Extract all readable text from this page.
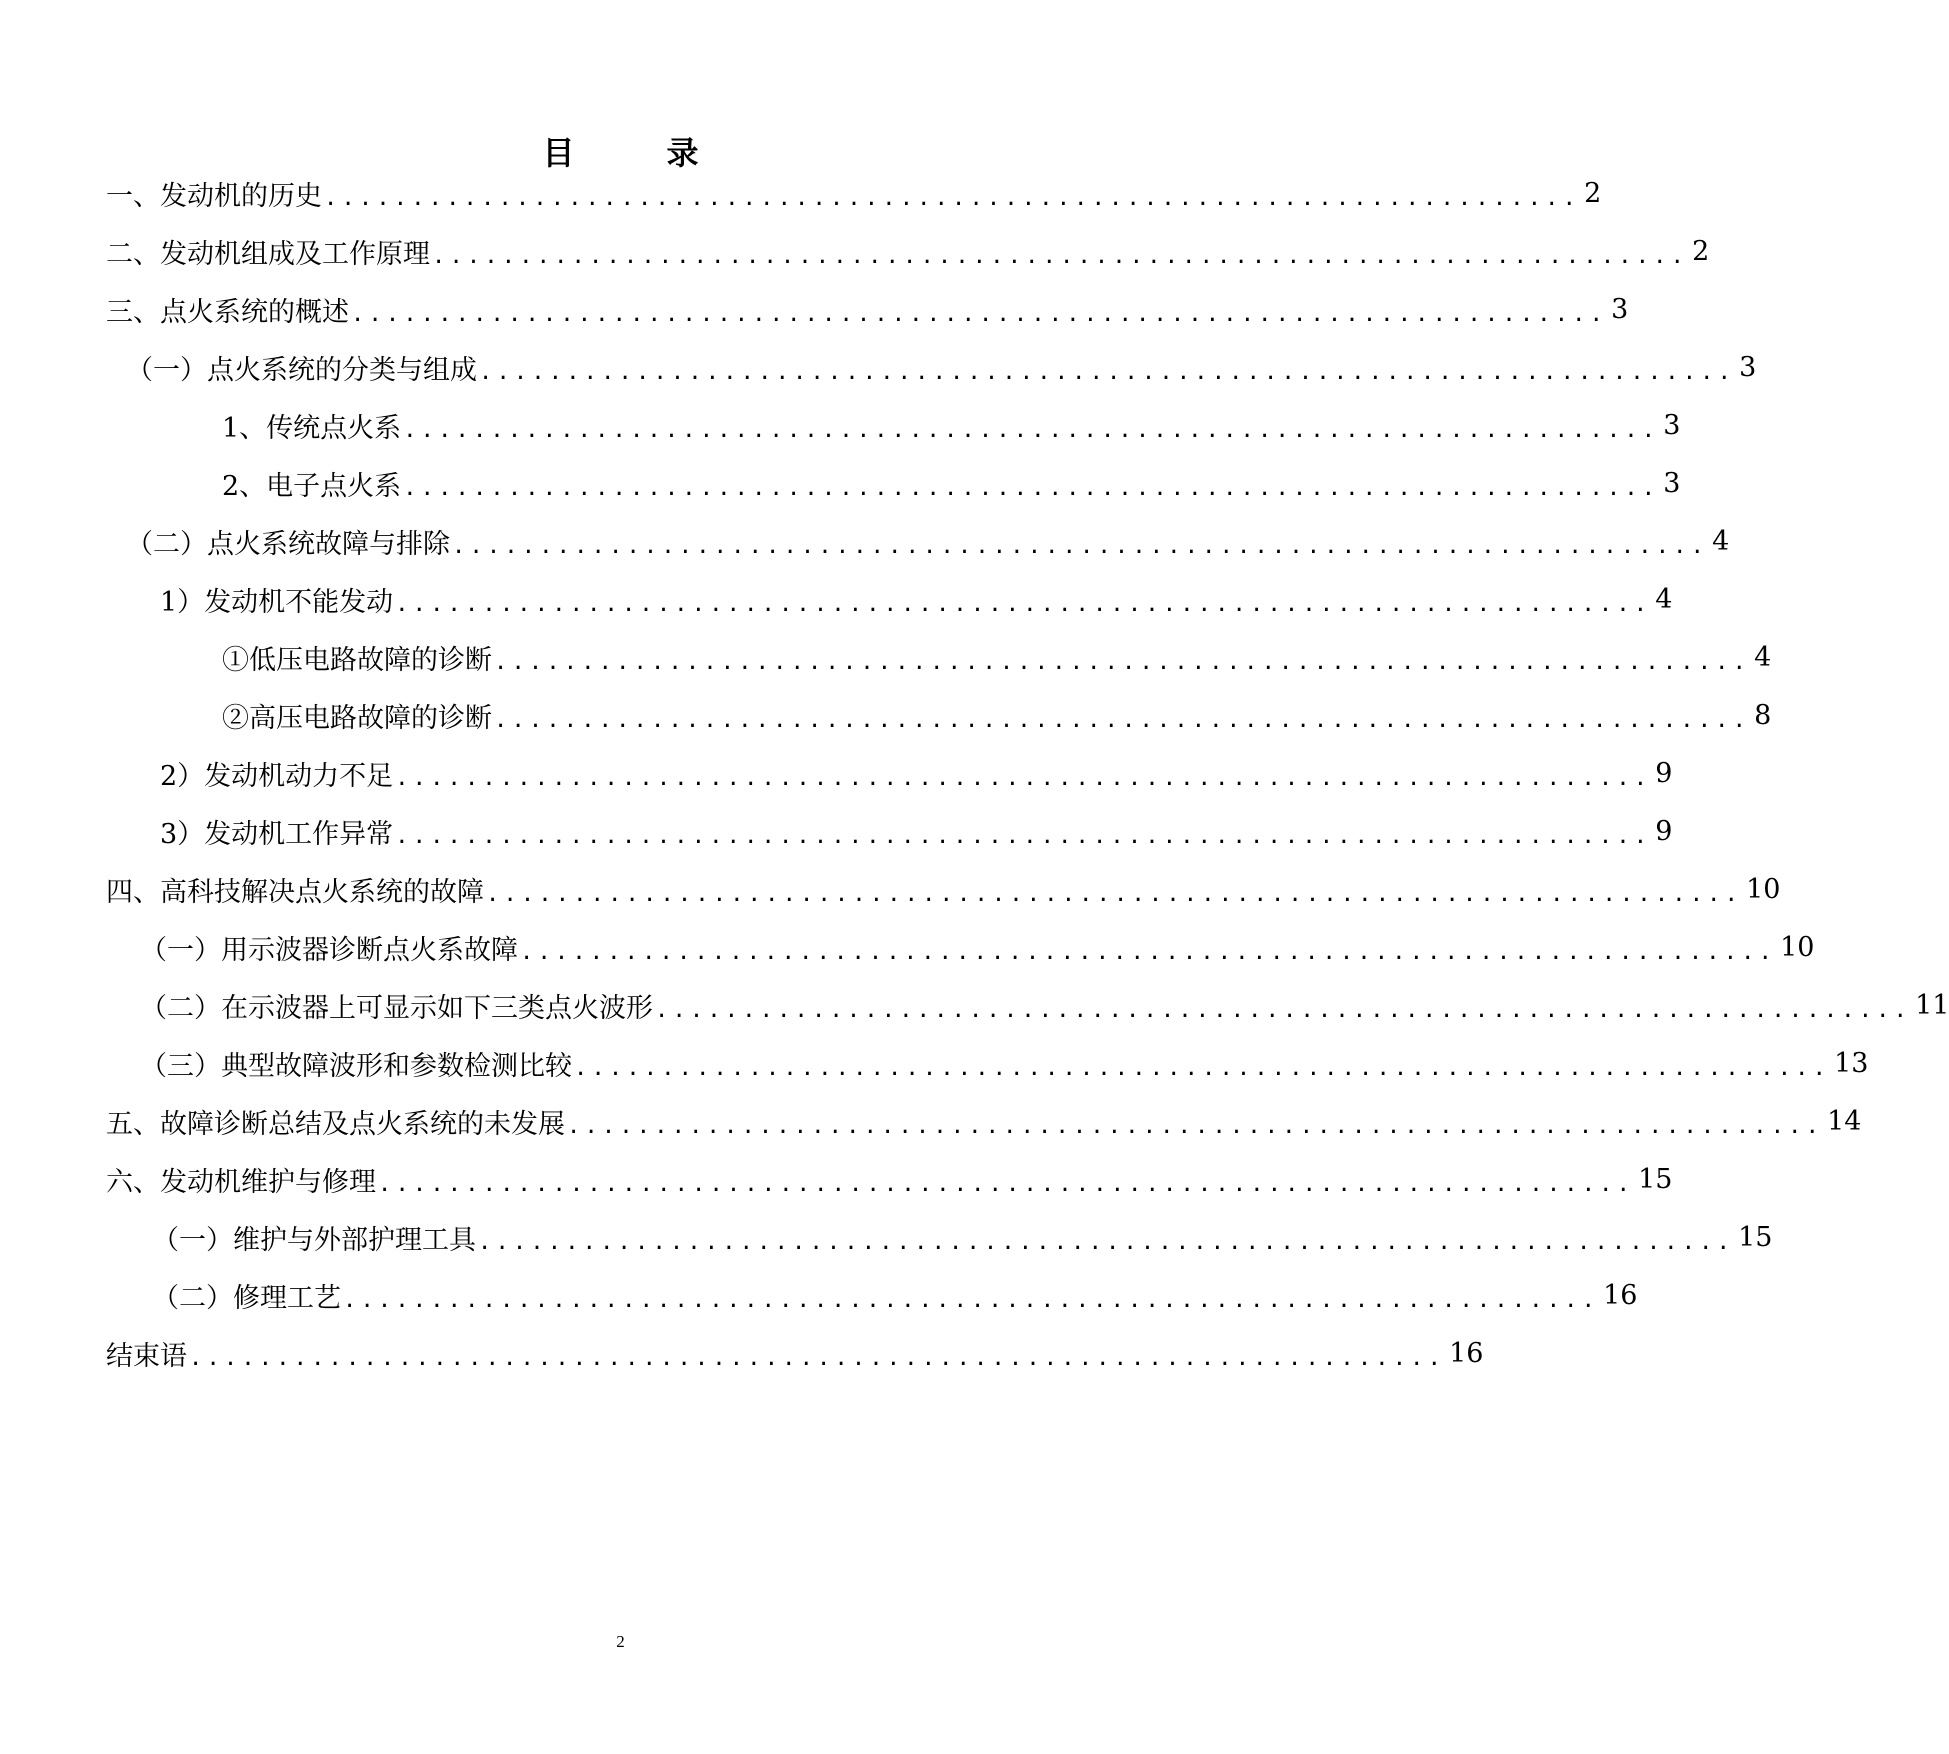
目　录
一、发动机的历史 ........................................................................ 2
二、发动机组成及工作原理 ........................................................................ 2
三、点火系统的概述 ........................................................................ 3
（一）点火系统的分类与组成 ........................................................................ 3
1、传统点火系 ........................................................................ 3
2、电子点火系 ........................................................................ 3
（二）点火系统故障与排除 ........................................................................ 4
1）发动机不能发动 ........................................................................ 4
①低压电路故障的诊断 ........................................................................ 4
②高压电路故障的诊断 ........................................................................ 8
2）发动机动力不足 ........................................................................ 9
3）发动机工作异常 ........................................................................ 9
四、高科技解决点火系统的故障 ........................................................................ 10
（一）用示波器诊断点火系故障 ........................................................................ 10
（二）在示波器上可显示如下三类点火波形 ........................................................................ 11
（三）典型故障波形和参数检测比较 ........................................................................ 13
五、故障诊断总结及点火系统的未发展 ........................................................................ 14
六、发动机维护与修理 ........................................................................ 15
（一）维护与外部护理工具 ........................................................................ 15
（二）修理工艺 ........................................................................ 16
结束语 ........................................................................ 16
2
